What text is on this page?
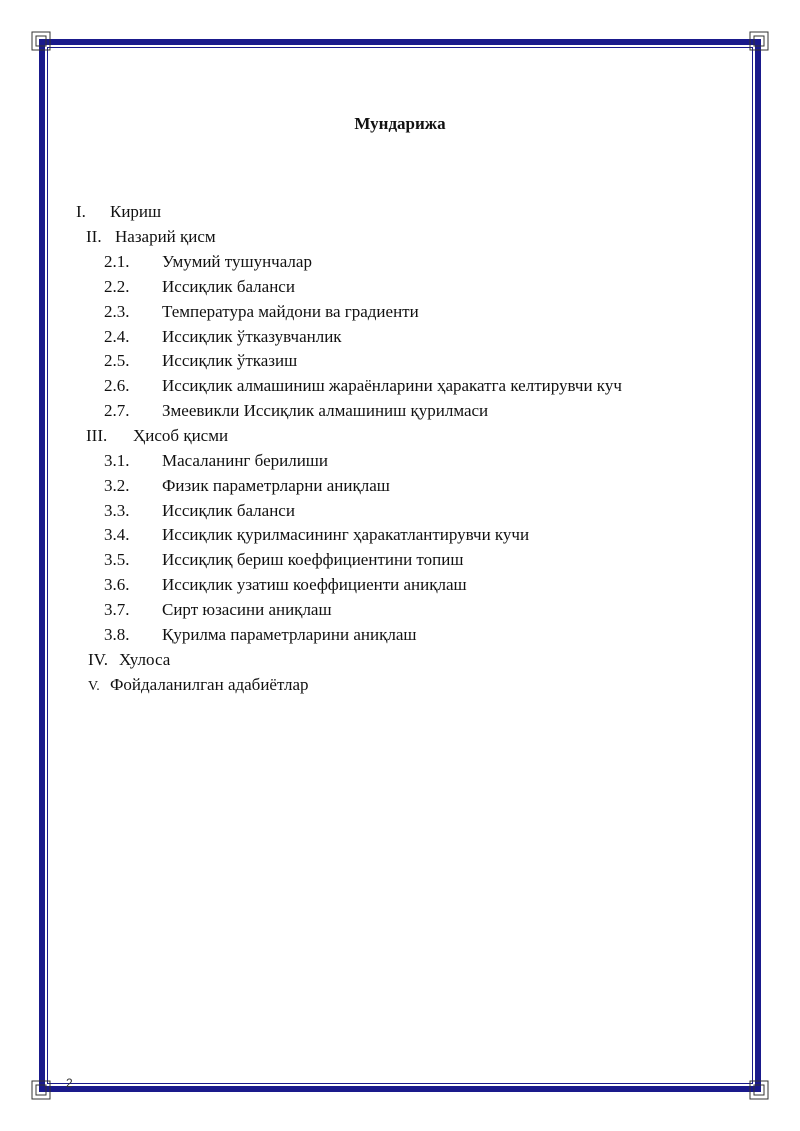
Мундарижа
I. Кириш
II. Назарий қисм
2.1. Умумий тушунчалар
2.2. Иссиқлик баланси
2.3. Температура майдони ва градиенти
2.4. Иссиқлик ўтказувчанлик
2.5. Иссиқлик ўтказиш
2.6. Иссиқлик алмашиниш жараёнларини ҳаракатга келтирувчи куч
2.7. Змеевикли Иссиқлик алмашиниш қурилмаси
III. Ҳисоб қисми
3.1. Масаланинг берилиши
3.2. Физик параметрларни аниқлаш
3.3. Иссиқлик баланси
3.4. Иссиқлик қурилмасининг ҳаракатлантирувчи кучи
3.5. Иссиқлиқ бериш коеффициентини топиш
3.6. Иссиқлик узатиш коеффициенти аниқлаш
3.7. Сирт юзасини аниқлаш
3.8. Қурилма параметрларини аниқлаш
IV. Хулоса
V. Фойдаланилган адабиётлар
2
